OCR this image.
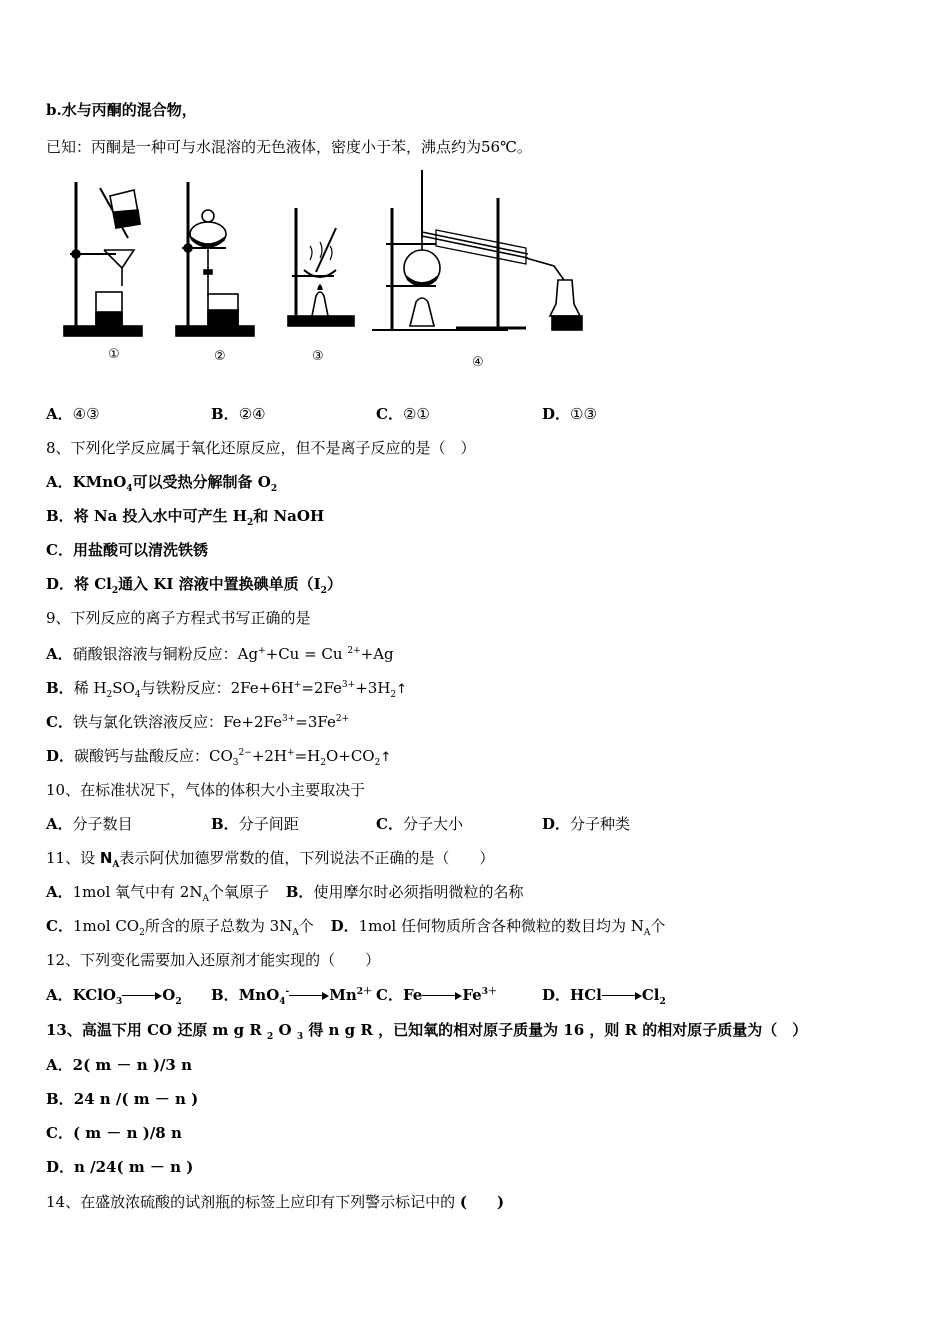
b.水与丙酮的混合物，
已知：丙酮是一种可与水混溶的无色液体，密度小于苯，沸点约为56℃。
①	②	③	④
A．④③	B．②④	C．②①	D．①③
8、下列化学反应属于氧化还原反应，但不是离子反应的是（　）
A．KMnO$_4$可以受热分解制备 $O_2$
B．将 Na 投入水中可产生 $H_2$和 NaOH
C．用盐酸可以清洗铁锈
D．将 $Cl_2$通入 KI 溶液中置换碘单质$(I_2)$
9、下列反应的离子方程式书写正确的是
A．硝酸银溶液与铜粉反应：Ag++Cu = Cu $^{2+}$+Ag
B．稀 $H_2SO_4$与铁粉反应：$2Fe+6H^+=2Fe^{3+}+3H_2↑$
C．铁与氯化铁溶液反应：$Fe+2Fe^{3+}=3Fe^{2+}$
D．碳酸钙与盐酸反应：$CO_3^{2-}+2H^+=H_2O+CO_2↑$
10、在标准状况下，气体的体积大小主要取决于
A．分子数目	B．分子间距	C．分子大小	D．分子种类
11、设 $N_A$表示阿伏加德罗常数的值，下列说法不正确的是（　　）
A．1mol 氧气中有 $2N_A$个氧原子 B．使用摩尔时必须指明微粒的名称
C．1mol $CO_2$所含的原子总数为 $3N_A$个 D．1mol 任何物质所含各种微粒的数目均为 $N_A$个
12、下列变化需要加入还原剂才能实现的（　　）
A．KClO$_3$	$O_2$ B．MnO$_4$-	$Mn^{2+}$ C．Fe	$Fe^{3+}$	D．HCl	$Cl_2$
13、高温下用 CO 还原 m g R $_2$ O $_3$ 得 n g R ，已知氧的相对原子质量为 16 ，则 R 的相对原子质量为（　）
A．2( m － n )/3 n
B．24 n /( m － n )
C．( m － n )/8 n
D．n /24( m － n )
14、在盛放浓硫酸的试剂瓶的标签上应印有下列警示标记中的 (　　)
